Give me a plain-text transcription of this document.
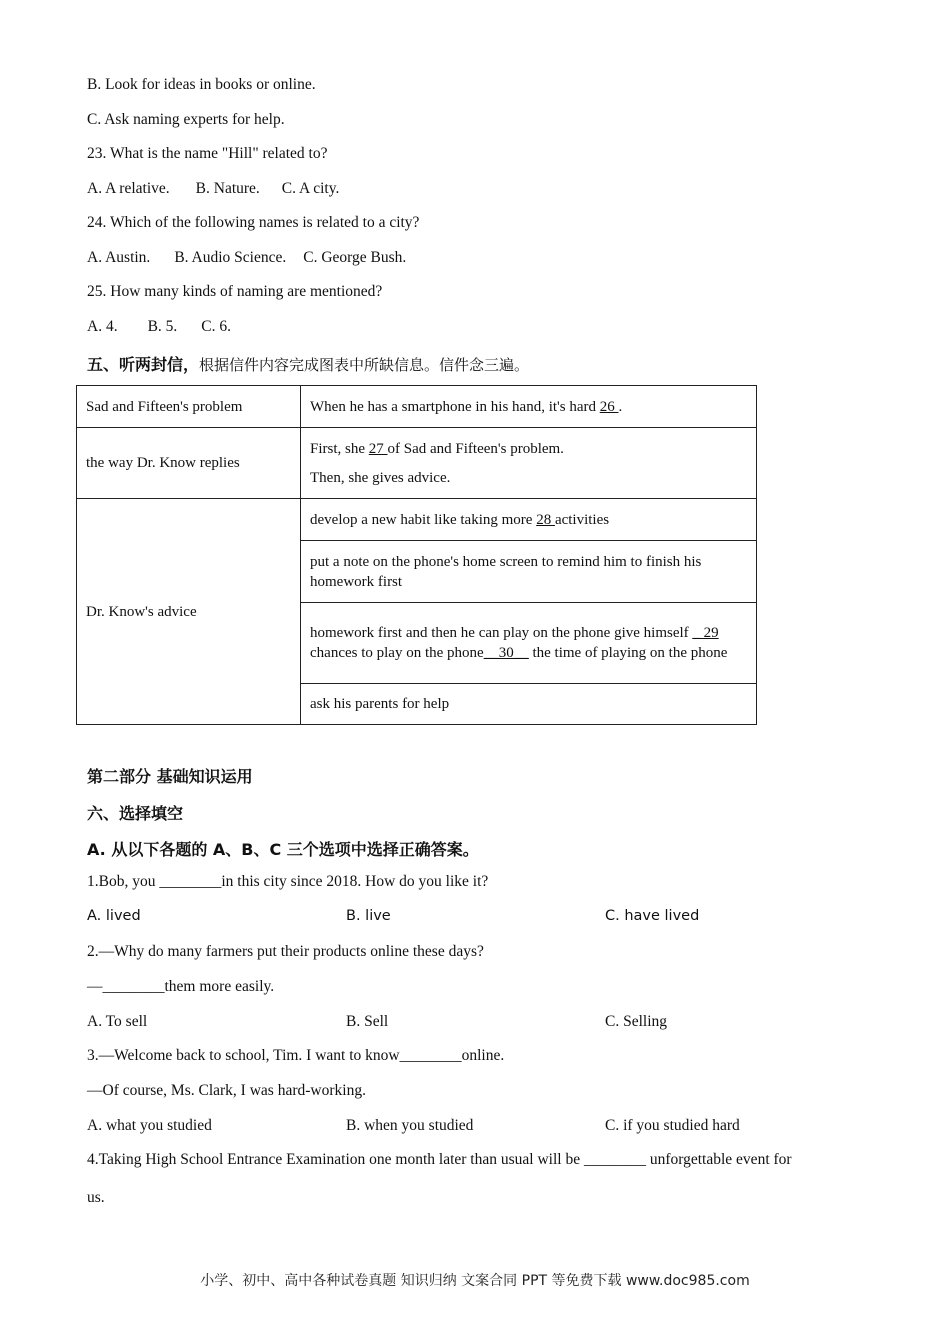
B. Look for ideas in books or online.
C. Ask naming experts for help.
23. What is the name "Hill" related to?
A. A relative. B. Nature. C. A city.
24. Which of the following names is related to a city?
A. Austin. B. Audio Science. C. George Bush.
25. How many kinds of naming are mentioned?
A. 4. B. 5. C. 6.
五、听两封信，根据信件内容完成图表中所缺信息。信件念三遍。
Sad and Fifteen's problem	When he has a smartphone in his hand, it's hard 26 .
the way Dr. Know replies	First, she 27 of Sad and Fifteen's problem.
Then, she gives advice.

Dr. Know's advice	develop a new habit like taking more 28 activities
	put a note on the phone's home screen to remind him to finish his homework first
	homework first and then he can play on the phone give himself _ 29 chances to play on the phone__30__ the time of playing on the phone
	ask his parents for help
第二部分 基础知识运用
六、选择填空
A. 从以下各题的 A、B、C 三个选项中选择正确答案。
1.Bob, you ________in this city since 2018. How do you like it?
A. lived	B. live	C. have lived
2.—Why do many farmers put their products online these days?
—________them more easily.
A. To sell	B. Sell	C. Selling
3.—Welcome back to school, Tim. I want to know________online.
—Of course, Ms. Clark, I was hard-working.
A. what you studied	B. when you studied	C. if you studied hard
4.Taking High School Entrance Examination one month later than usual will be ________ unforgettable event for
us.
小学、初中、高中各种试卷真题 知识归纳 文案合同 PPT 等免费下载 www.doc985.com
